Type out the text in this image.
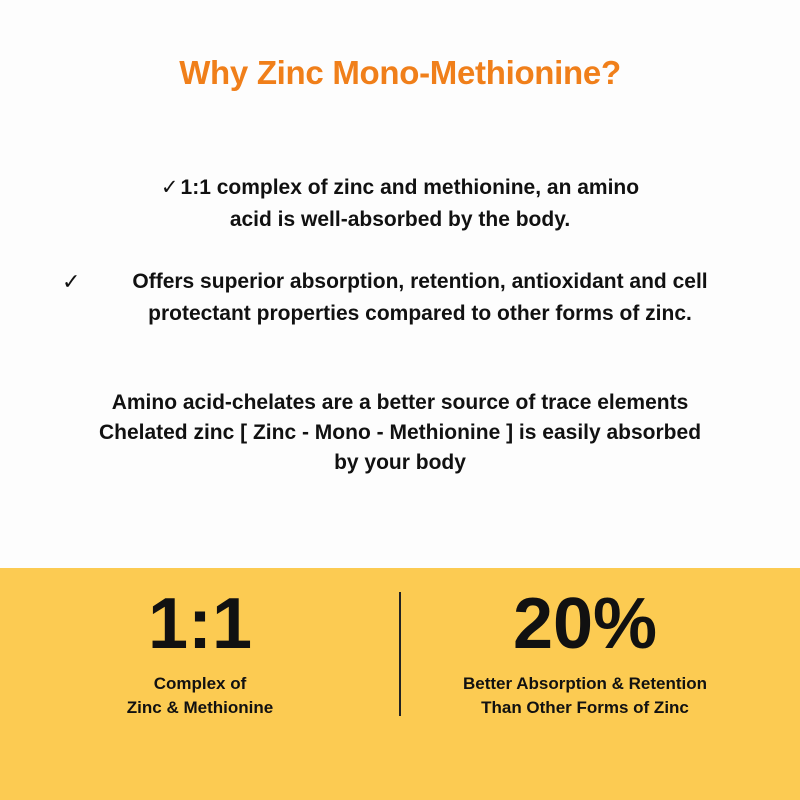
Why Zinc Mono-Methionine?
✓1:1 complex of zinc and methionine, an amino
acid is well-absorbed by the body.
✓	Offers superior absorption, retention, antioxidant and cell
protectant properties compared to other forms of zinc.
Amino acid-chelates are a better source of trace elements
Chelated zinc [ Zinc - Mono - Methionine ] is easily absorbed
by your body
1:1
Complex of
Zinc & Methionine
20%
Better Absorption & Retention
Than Other Forms of Zinc
